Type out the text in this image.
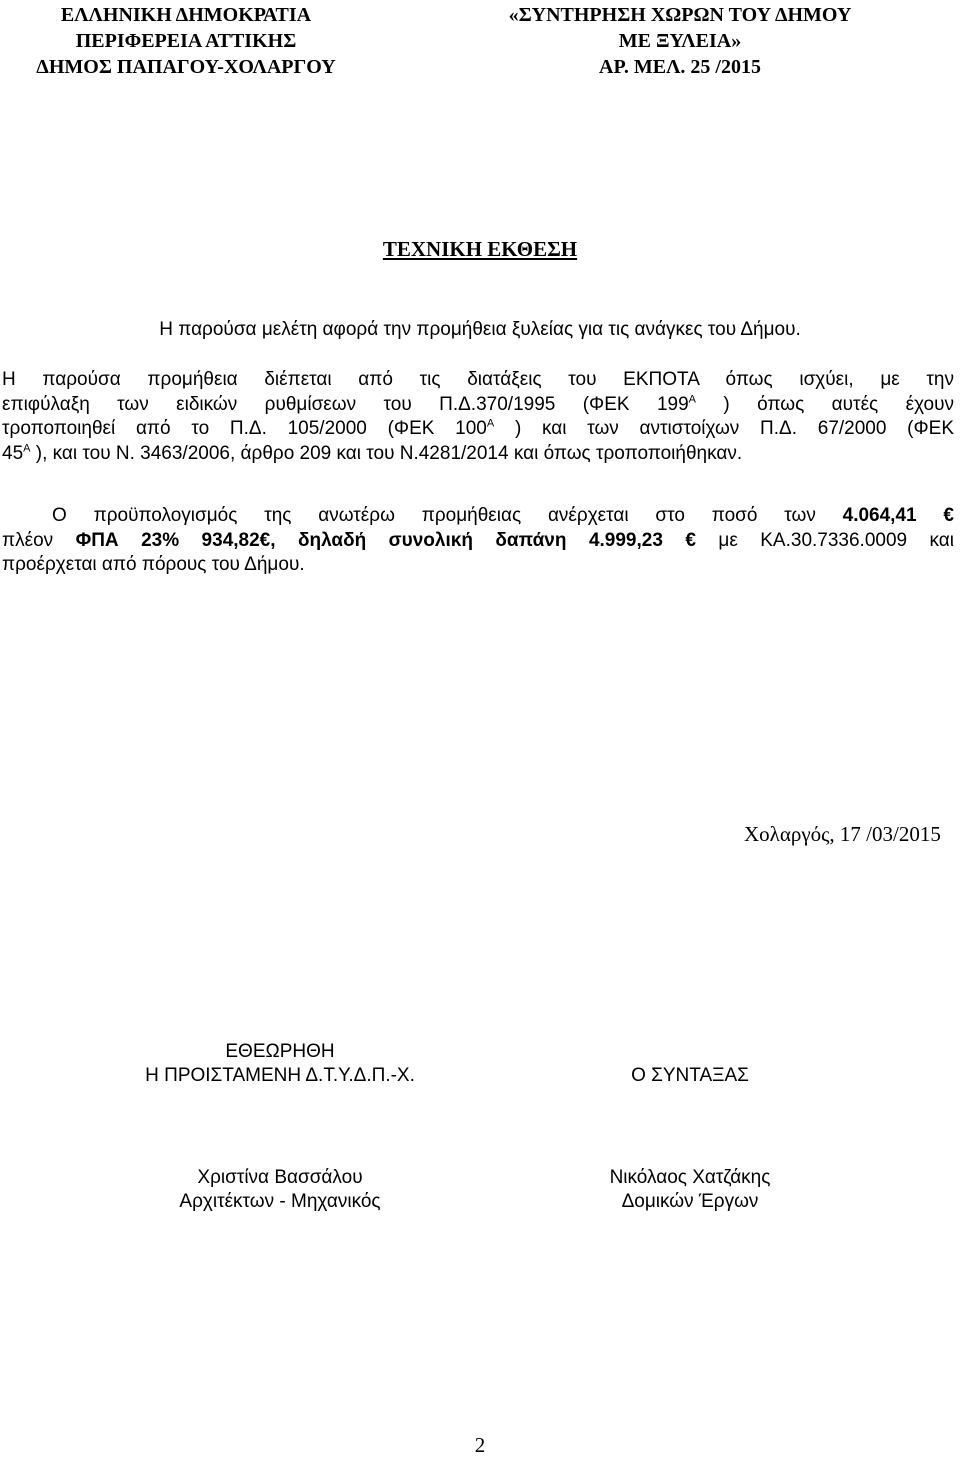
ΕΛΛΗΝΙΚΗ ΔΗΜΟΚΡΑΤΙΑ
ΠΕΡΙΦΕΡΕΙΑ ΑΤΤΙΚΗΣ
ΔΗΜΟΣ ΠΑΠΑΓΟΥ-ΧΟΛΑΡΓΟΥ
«ΣΥΝΤΗΡΗΣΗ ΧΩΡΩΝ ΤΟΥ ΔΗΜΟΥ
ΜΕ ΞΥΛΕΙΑ»
ΑΡ. ΜΕΛ. 25 /2015
ΤΕΧΝΙΚΗ ΕΚΘΕΣΗ
Η παρούσα μελέτη αφορά την προμήθεια ξυλείας για τις ανάγκες του Δήμου.
Η παρούσα προμήθεια διέπεται από τις διατάξεις του ΕΚΠΟΤΑ όπως ισχύει, με την
επιφύλαξη των ειδικών ρυθμίσεων του Π.Δ.370/1995 (ΦΕΚ $199^A$ ) όπως αυτές έχουν
τροποποιηθεί από το Π.Δ. 105/2000 (ΦΕΚ $100^A$ ) και των αντιστοίχων Π.Δ. 67/2000 (ΦΕΚ
$45^A$ ), και του Ν. 3463/2006, άρθρο 209 και του Ν.4281/2014 και όπως τροποποιήθηκαν.
Ο προϋπολογισμός της ανωτέρω προμήθειας ανέρχεται στο ποσό των 4.064,41 €
πλέον ΦΠΑ 23% 934,82€, δηλαδή συνολική δαπάνη 4.999,23 € με ΚΑ.30.7336.0009 και
προέρχεται από πόρους του Δήμου.
Χολαργός, 17 /03/2015
ΕΘΕΩΡΗΘΗ
Η ΠΡΟΙΣΤΑΜΕΝΗ Δ.Τ.Υ.Δ.Π.-Χ.	Ο ΣΥΝΤΑΞΑΣ
Χριστίνα Βασσάλου
Αρχιτέκτων - Μηχανικός
Νικόλαος Χατζάκης
Δομικών Έργων
2
